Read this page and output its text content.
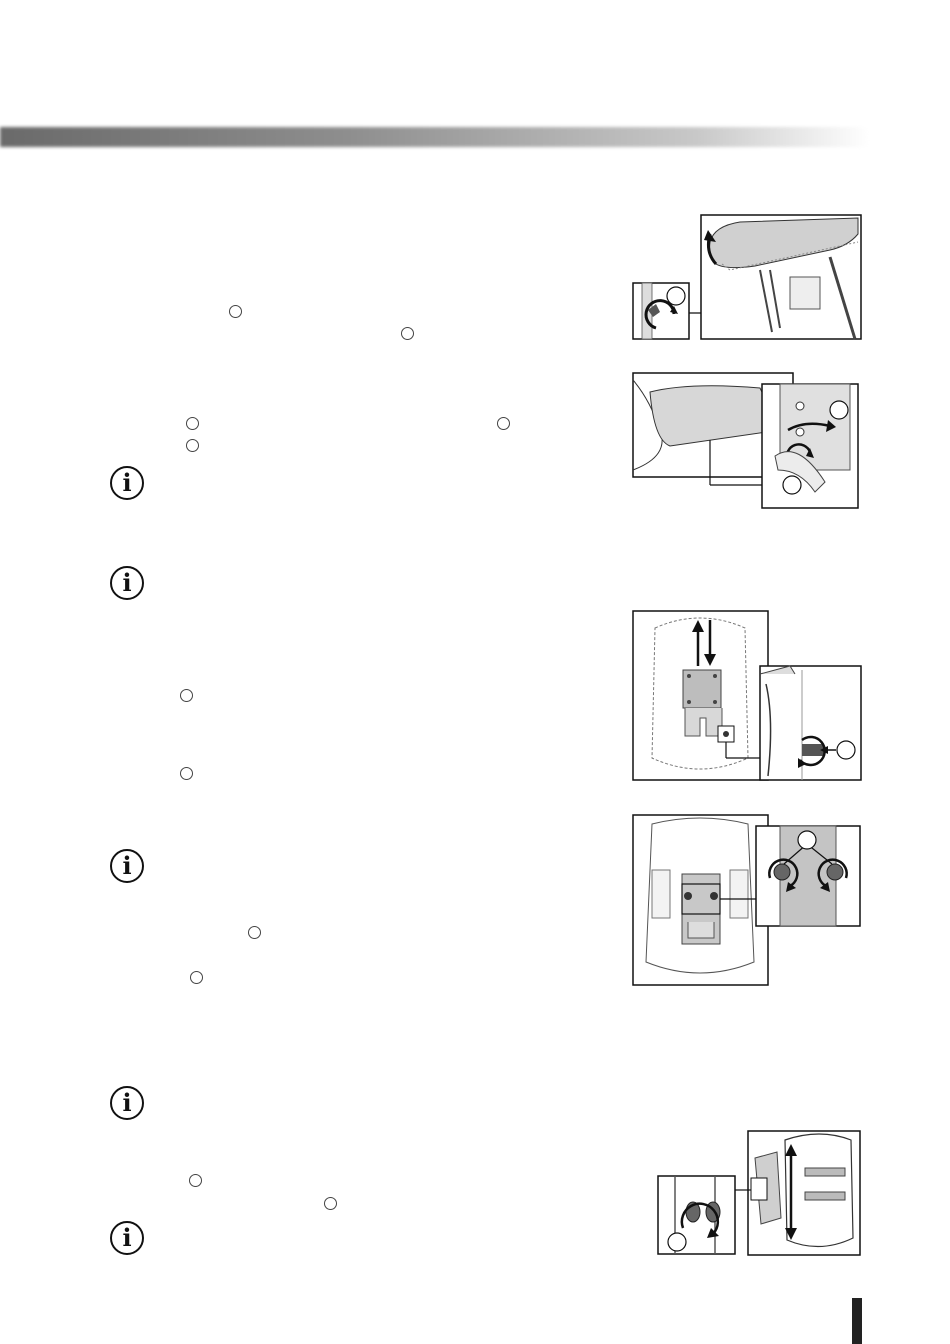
i
i
i
i
i
